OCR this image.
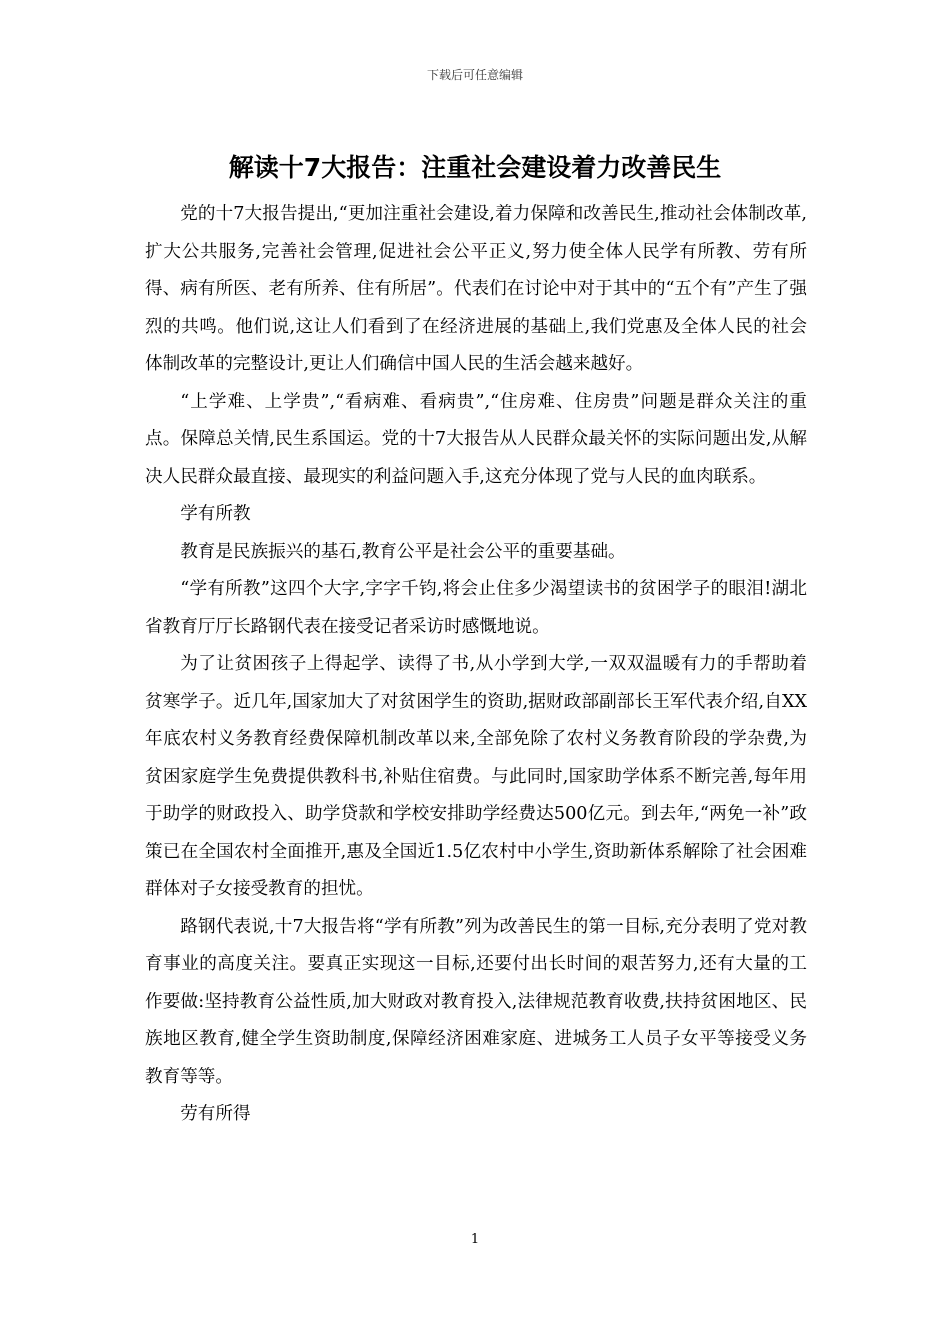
下载后可任意编辑
解读十7大报告：注重社会建设着力改善民生

党的十7大报告提出,“更加注重社会建设,着力保障和改善民生,推动社会体制改革,扩大公共服务,完善社会管理,促进社会公平正义,努力使全体人民学有所教、劳有所得、病有所医、老有所养、住有所居”。代表们在讨论中对于其中的“五个有”产生了强烈的共鸣。他们说,这让人们看到了在经济进展的基础上,我们党惠及全体人民的社会体制改革的完整设计,更让人们确信中国人民的生活会越来越好。

“上学难、上学贵”,“看病难、看病贵”,“住房难、住房贵”问题是群众关注的重点。保障总关情,民生系国运。党的十7大报告从人民群众最关怀的实际问题出发,从解决人民群众最直接、最现实的利益问题入手,这充分体现了党与人民的血肉联系。

学有所教

教育是民族振兴的基石,教育公平是社会公平的重要基础。

“学有所教”这四个大字,字字千钧,将会止住多少渴望读书的贫困学子的眼泪!湖北省教育厅厅长路钢代表在接受记者采访时感慨地说。

为了让贫困孩子上得起学、读得了书,从小学到大学,一双双温暖有力的手帮助着贫寒学子。近几年,国家加大了对贫困学生的资助,据财政部副部长王军代表介绍,自XX年底农村义务教育经费保障机制改革以来,全部免除了农村义务教育阶段的学杂费,为贫困家庭学生免费提供教科书,补贴住宿费。与此同时,国家助学体系不断完善,每年用于助学的财政投入、助学贷款和学校安排助学经费达500亿元。到去年,“两免一补”政策已在全国农村全面推开,惠及全国近1.5亿农村中小学生,资助新体系解除了社会困难群体对子女接受教育的担忧。

路钢代表说,十7大报告将“学有所教”列为改善民生的第一目标,充分表明了党对教育事业的高度关注。要真正实现这一目标,还要付出长时间的艰苦努力,还有大量的工作要做:坚持教育公益性质,加大财政对教育投入,法律规范教育收费,扶持贫困地区、民族地区教育,健全学生资助制度,保障经济困难家庭、进城务工人员子女平等接受义务教育等等。

劳有所得

1
